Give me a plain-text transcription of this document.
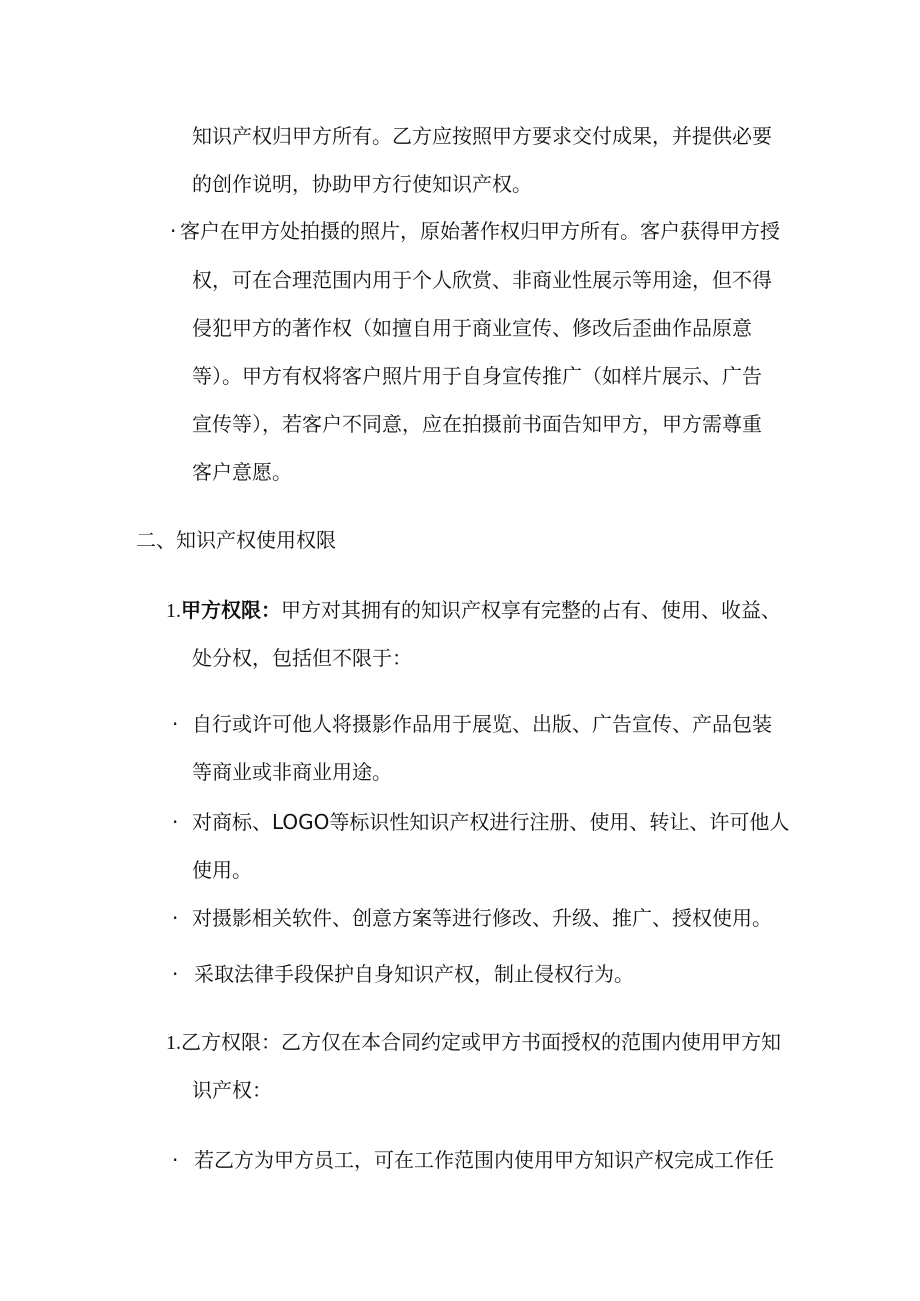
知识产权归甲方所有。乙方应按照甲方要求交付成果，并提供必要
的创作说明，协助甲方行使知识产权。
· 客户在甲方处拍摄的照片，原始著作权归甲方所有。客户获得甲方授
权，可在合理范围内用于个人欣赏、非商业性展示等用途，但不得
侵犯甲方的著作权（如擅自用于商业宣传、修改后歪曲作品原意
等）。甲方有权将客户照片用于自身宣传推广（如样片展示、广告
宣传等），若客户不同意，应在拍摄前书面告知甲方，甲方需尊重
客户意愿。
二、知识产权使用权限
1.甲方权限：甲方对其拥有的知识产权享有完整的占有、使用、收益、
处分权，包括但不限于：
· 自行或许可他人将摄影作品用于展览、出版、广告宣传、产品包装
等商业或非商业用途。
· 对商标、LOGO等标识性知识产权进行注册、使用、转让、许可他人
使用。
· 对摄影相关软件、创意方案等进行修改、升级、推广、授权使用。
· 采取法律手段保护自身知识产权，制止侵权行为。
1.乙方权限：乙方仅在本合同约定或甲方书面授权的范围内使用甲方知
识产权：
· 若乙方为甲方员工，可在工作范围内使用甲方知识产权完成工作任
